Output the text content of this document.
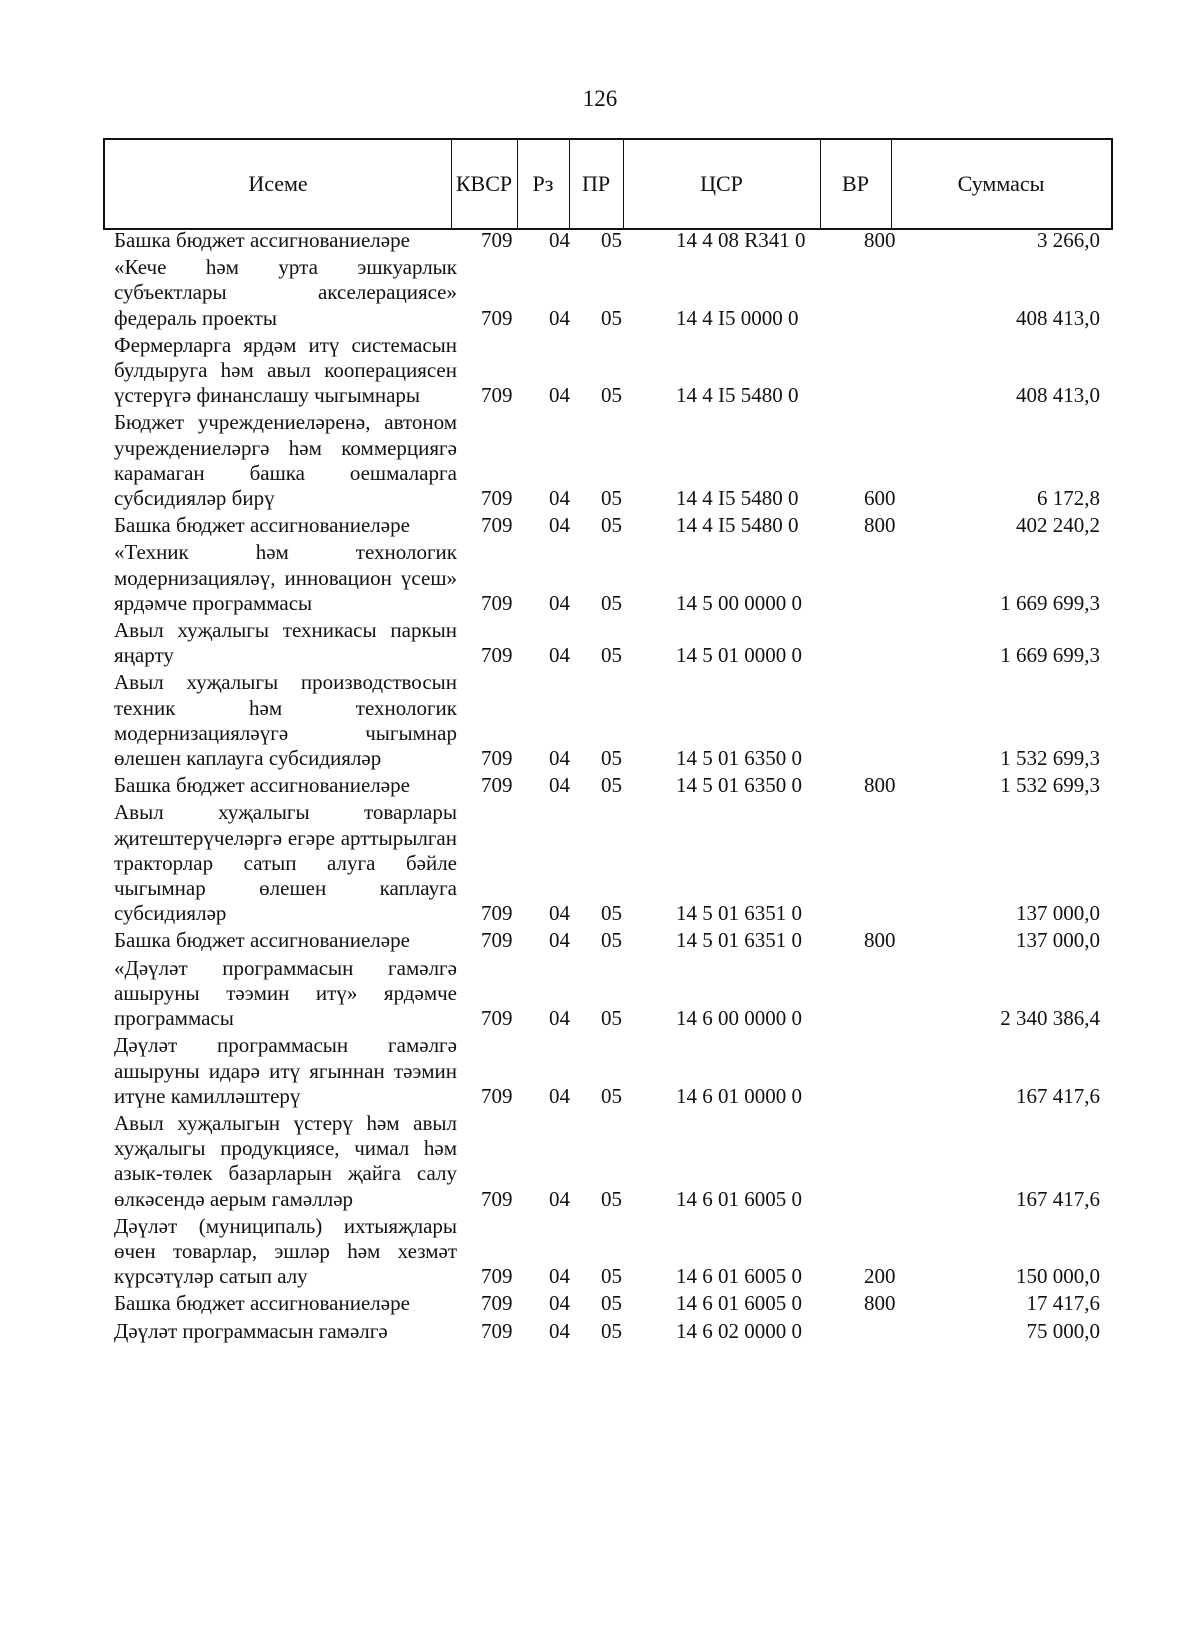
126
Исеме	КВСР Рз	ПР	ЦСР	ВР	Суммасы
Башка бюджет ассигнованиеләре	709 04 05	14 4 08 R341 0	800	3 266,0
«Кече һәм урта эшкуарлык субъектлары акселерациясе» федераль проекты	709 04 05	14 4 I5 0000 0	408 413,0
Фермерларга ярдәм итү системасын булдыруга һәм авыл кооперациясен үстерүгә финанслашу чыгымнары	709 04 05	14 4 I5 5480 0	408 413,0
Бюджет учреждениеләренә, автоном учреждениеләргә һәм коммерциягә карамаган башка оешмаларга субсидияләр бирү	709 04 05	14 4 I5 5480 0	600	6 172,8
Башка бюджет ассигнованиеләре	709 04 05	14 4 I5 5480 0	800	402 240,2
«Техник һәм технологик модернизацияләү, инновацион үсеш» ярдәмче программасы	709 04 05	14 5 00 0000 0	1 669 699,3
Авыл хуҗалыгы техникасы паркын яңарту	709 04 05	14 5 01 0000 0	1 669 699,3
Авыл хуҗалыгы производствосын техник һәм технологик модернизацияләүгә чыгымнар өлешен каплауга субсидияләр	709 04 05	14 5 01 6350 0	1 532 699,3
Башка бюджет ассигнованиеләре	709 04 05	14 5 01 6350 0	800	1 532 699,3
Авыл хуҗалыгы товарлары җитештерүчеләргә егәре арттырылган тракторлар сатып алуга бәйле чыгымнар өлешен каплауга субсидияләр	709 04 05	14 5 01 6351 0	137 000,0
Башка бюджет ассигнованиеләре	709 04 05	14 5 01 6351 0	800	137 000,0
«Дәүләт программасын гамәлгә ашыруны тәэмин итү» ярдәмче программасы	709 04 05	14 6 00 0000 0	2 340 386,4
Дәүләт программасын гамәлгә ашыруны идарә итү ягыннан тәэмин итүне камилләштерү	709 04 05	14 6 01 0000 0	167 417,6
Авыл хуҗалыгын үстерү һәм авыл хуҗалыгы продукциясе, чимал һәм азык-төлек базарларын җайга салу өлкәсендә аерым гамәлләр	709 04 05	14 6 01 6005 0	167 417,6
Дәүләт (муниципаль) ихтыяҗлары өчен товарлар, эшләр һәм хезмәт күрсәтүләр сатып алу	709 04 05	14 6 01 6005 0	200	150 000,0
Башка бюджет ассигнованиеләре	709 04 05	14 6 01 6005 0	800	17 417,6
Дәүләт программасын гамәлгә	709 04 05	14 6 02 0000 0	75 000,0
